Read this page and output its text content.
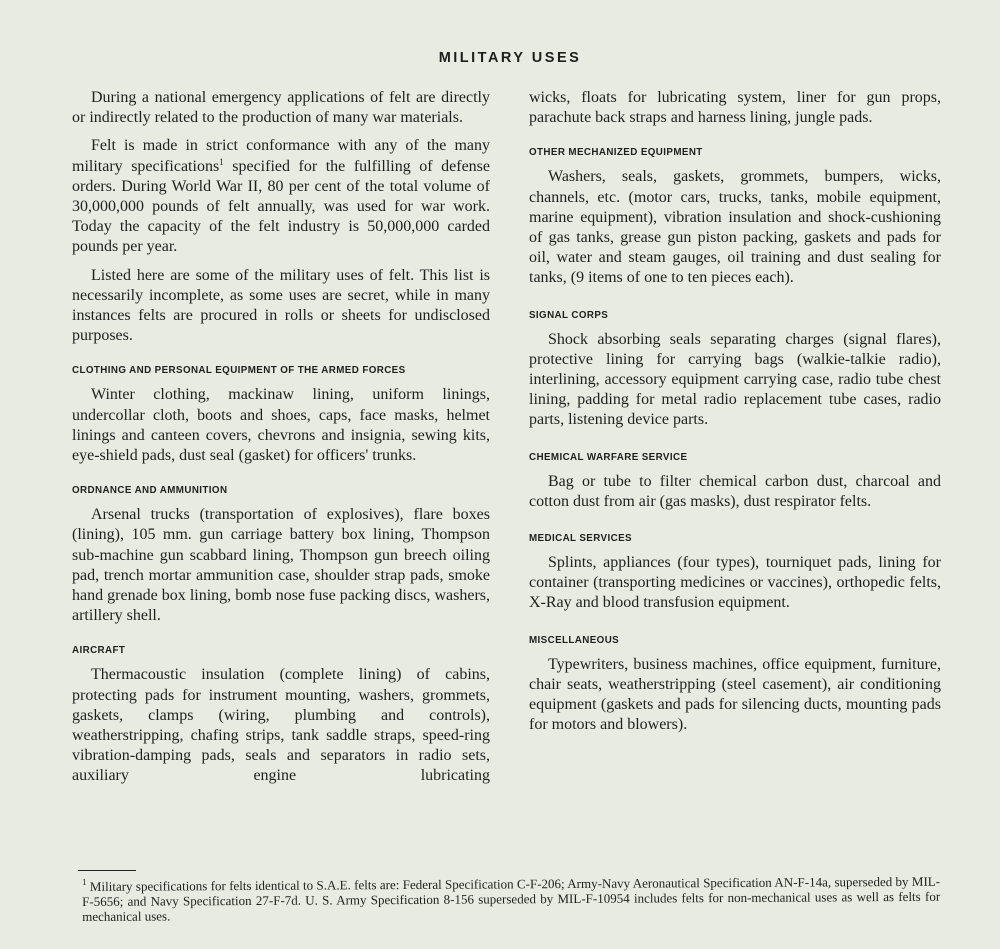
MILITARY USES

During a national emergency applications of felt are directly or indirectly related to the production of many war materials.

Felt is made in strict conformance with any of the many military specifications$^1$ specified for the fulfilling of defense orders. During World War II, 80 per cent of the total volume of 30,000,000 pounds of felt annually, was used for war work. Today the capacity of the felt industry is 50,000,000 carded pounds per year.

Listed here are some of the military uses of felt. This list is necessarily incomplete, as some uses are secret, while in many instances felts are procured in rolls or sheets for undisclosed purposes.

CLOTHING AND PERSONAL EQUIPMENT OF THE ARMED FORCES

Winter clothing, mackinaw lining, uniform linings, undercollar cloth, boots and shoes, caps, face masks, helmet linings and canteen covers, chevrons and insignia, sewing kits, eye-shield pads, dust seal (gasket) for officers' trunks.

ORDNANCE AND AMMUNITION

Arsenal trucks (transportation of explosives), flare boxes (lining), 105 mm. gun carriage battery box lining, Thompson sub-machine gun scabbard lining, Thompson gun breech oiling pad, trench mortar ammunition case, shoulder strap pads, smoke hand grenade box lining, bomb nose fuse packing discs, washers, artillery shell.

AIRCRAFT

Thermacoustic insulation (complete lining) of cabins, protecting pads for instrument mounting, washers, grommets, gaskets, clamps (wiring, plumbing and controls), weatherstripping, chafing strips, tank saddle straps, speed-ring vibration-damping pads, seals and separators in radio sets, auxiliary engine lubricating

wicks, floats for lubricating system, liner for gun props, parachute back straps and harness lining, jungle pads.

OTHER MECHANIZED EQUIPMENT

Washers, seals, gaskets, grommets, bumpers, wicks, channels, etc. (motor cars, trucks, tanks, mobile equipment, marine equipment), vibration insulation and shock-cushioning of gas tanks, grease gun piston packing, gaskets and pads for oil, water and steam gauges, oil training and dust sealing for tanks, (9 items of one to ten pieces each).

SIGNAL CORPS

Shock absorbing seals separating charges (signal flares), protective lining for carrying bags (walkie-talkie radio), interlining, accessory equipment carrying case, radio tube chest lining, padding for metal radio replacement tube cases, radio parts, listening device parts.

CHEMICAL WARFARE SERVICE

Bag or tube to filter chemical carbon dust, charcoal and cotton dust from air (gas masks), dust respirator felts.

MEDICAL SERVICES

Splints, appliances (four types), tourniquet pads, lining for container (transporting medicines or vaccines), orthopedic felts, X-Ray and blood transfusion equipment.

MISCELLANEOUS

Typewriters, business machines, office equipment, furniture, chair seats, weatherstripping (steel casement), air conditioning equipment (gaskets and pads for silencing ducts, mounting pads for motors and blowers).

$^1$ Military specifications for felts identical to S.A.E. felts are: Federal Specification C-F-206; Army-Navy Aeronautical Specification AN-F-14a, superseded by MIL-F-5656; and Navy Specification 27-F-7d. U. S. Army Specification 8-156 superseded by MIL-F-10954 includes felts for non-mechanical uses as well as felts for mechanical uses.
